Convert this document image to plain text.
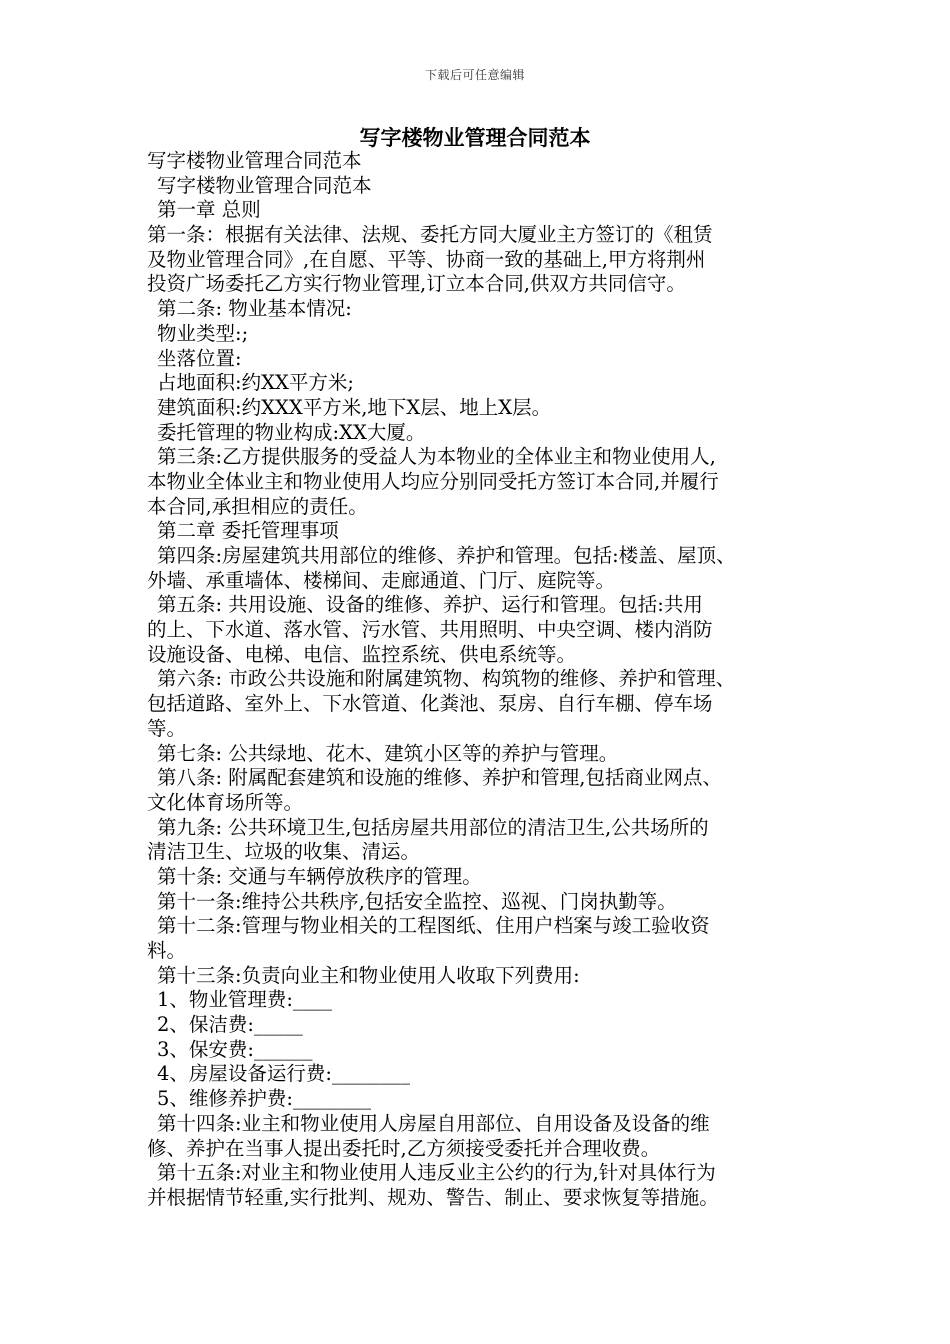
下载后可任意编辑
写字楼物业管理合同范本
写字楼物业管理合同范本
写字楼物业管理合同范本
第一章 总则
第一条：根据有关法律、法规、委托方同大厦业主方签订的《租赁
及物业管理合同》,在自愿、平等、协商一致的基础上,甲方将荆州
投资广场委托乙方实行物业管理,订立本合同,供双方共同信守。
第二条: 物业基本情况:
物业类型:;
坐落位置:
占地面积:约XX平方米;
建筑面积:约XXX平方米,地下X层、地上X层。
委托管理的物业构成:XX大厦。
第三条:乙方提供服务的受益人为本物业的全体业主和物业使用人,
本物业全体业主和物业使用人均应分别同受托方签订本合同,并履行
本合同,承担相应的责任。
第二章 委托管理事项
第四条:房屋建筑共用部位的维修、养护和管理。包括:楼盖、屋顶、
外墙、承重墙体、楼梯间、走廊通道、门厅、庭院等。
第五条: 共用设施、设备的维修、养护、运行和管理。包括:共用
的上、下水道、落水管、污水管、共用照明、中央空调、楼内消防
设施设备、电梯、电信、监控系统、供电系统等。
第六条: 市政公共设施和附属建筑物、构筑物的维修、养护和管理、
包括道路、室外上、下水管道、化粪池、泵房、自行车棚、停车场
等。
第七条: 公共绿地、花木、建筑小区等的养护与管理。
第八条: 附属配套建筑和设施的维修、养护和管理,包括商业网点、
文化体育场所等。
第九条: 公共环境卫生,包括房屋共用部位的清洁卫生,公共场所的
清洁卫生、垃圾的收集、清运。
第十条: 交通与车辆停放秩序的管理。
第十一条:维持公共秩序,包括安全监控、巡视、门岗执勤等。
第十二条:管理与物业相关的工程图纸、住用户档案与竣工验收资
料。
第十三条:负责向业主和物业使用人收取下列费用:
1、物业管理费:____
2、保洁费:_____
3、保安费:______
4、房屋设备运行费:________
5、维修养护费:________
第十四条:业主和物业使用人房屋自用部位、自用设备及设备的维
修、养护在当事人提出委托时,乙方须接受委托并合理收费。
第十五条:对业主和物业使用人违反业主公约的行为,针对具体行为
并根据情节轻重,实行批判、规劝、警告、制止、要求恢复等措施。
